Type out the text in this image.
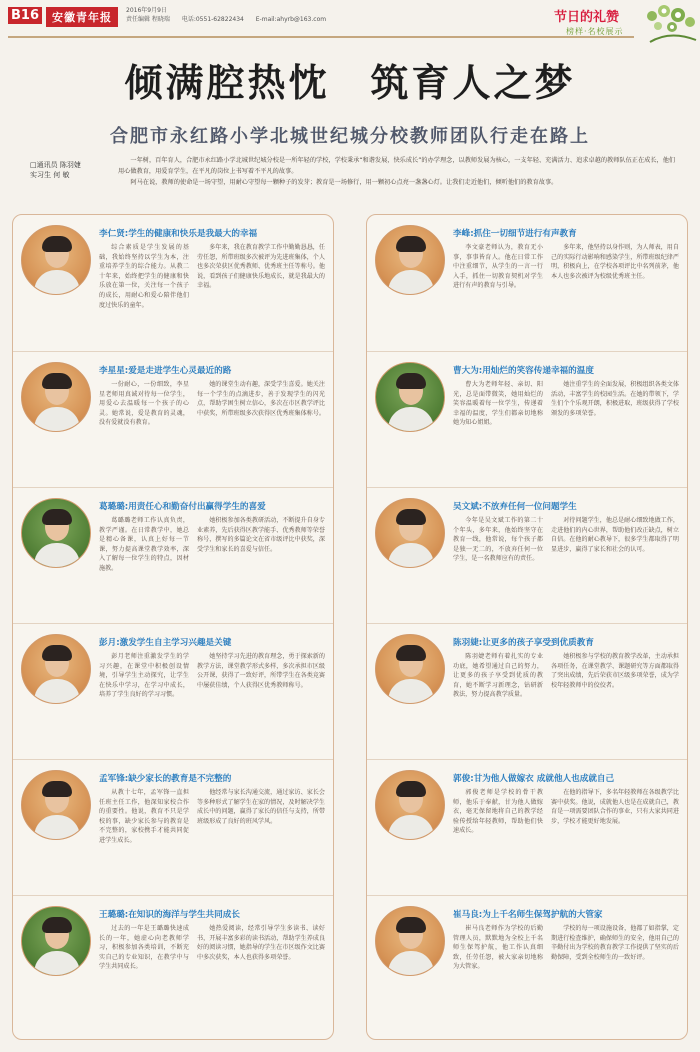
B16	安徽青年报
2016年9月9日
责任编辑 程晓瑞 电话:0551-62822434 E-mail:ahyrb@163.com	节日的礼赞
榜样·名校展示
倾满腔热忱　筑育人之梦
合肥市永红路小学北城世纪城分校教师团队行走在路上
□通讯员 陈羽婕
实习生 何 敏

一年树，百年育人，合肥市永红路小学北城世纪城分校是一所年轻的学校，学校秉承“和谐发展，快乐成长”的办学理念，以教师发展为核心，一支年轻、充满活力、追求卓越的教师队伍正在成长，他们用心做教育，用爱育学生，在平凡的岗位上书写着不平凡的故事。

阿马在说，教师的使命是一场守望，用耐心守望每一颗种子的发芽；教育是一场修行，用一颗初心点亮一盏盏心灯。让我们走近他们，倾听他们的教育故事。

李仁贤:学生的健康和快乐是我最大的幸福
综合素质是学生发展的基础，我始终坚持以学生为本，注重培养学生的综合能力。从教二十年来，始终把学生的健康和快乐放在第一位，关注每一个孩子的成长，用耐心和爱心陪伴他们度过快乐的童年。
多年来，我在教育教学工作中勤勤恳恳，任劳任怨，所带班级多次被评为先进班集体，个人也多次荣获区优秀教师、优秀班主任等称号。他说，看到孩子们健康快乐地成长，就是我最大的幸福。
李星星:爱是走进学生心灵最近的路
一份耐心，一份细致，李星星老师用真诚对待每一位学生，用爱心去温暖每一个孩子的心灵。她常说，爱是教育的灵魂，没有爱就没有教育。
她的课堂生动有趣，深受学生喜爱。她关注每一个学生的点滴进步，善于发现学生的闪光点，帮助学困生树立信心，多次在市区教学评比中获奖，所带班级多次获得区优秀班集体称号。
葛璐璐:用责任心和勤奋付出赢得学生的喜爱
葛璐璐老师工作认真负责，教学严谨。在日常教学中，她总是精心备课，认真上好每一节课，努力提高课堂教学效率，深入了解每一位学生的特点，因材施教。
她积极参加各类教研活动，不断提升自身专业素养，先后获得区教学能手、优秀教师等荣誉称号，撰写的多篇论文在省市级评比中获奖，深受学生和家长的喜爱与信任。
彭月:激发学生自主学习兴趣是关键
彭月老师注重激发学生的学习兴趣，在课堂中积极创设情境，引导学生主动探究，让学生在快乐中学习，在学习中成长，培养了学生良好的学习习惯。
她坚持学习先进的教育理念，勇于探索新的教学方法，课堂教学形式多样，多次承担市区级公开课，获得了一致好评，所带学生在各类竞赛中屡获佳绩，个人获得区优秀教师称号。
孟军锋:缺少家长的教育是不完整的
从教十七年，孟军锋一直担任班主任工作，他深知家校合作的重要性。他说，教育不只是学校的事，缺少家长参与的教育是不完整的，家校携手才能共同促进学生成长。
他经常与家长沟通交流，通过家访、家长会等多种形式了解学生在家的情况，及时解决学生成长中的问题，赢得了家长的信任与支持，所带班级形成了良好的班风学风。
王璐璐:在知识的海洋与学生共同成长
过去的一年是王璐璐快速成长的一年，她虚心向老教师学习，积极参加各类培训，不断充实自己的专业知识，在教学中与学生共同成长。
她热爱阅读，经常引导学生多读书、读好书，开展丰富多彩的读书活动，帮助学生养成良好的阅读习惯，她指导的学生在市区级作文比赛中多次获奖，本人也获得多项荣誉。
李峰:抓住一切细节进行有声教育
李文豪老师认为，教育无小事，事事皆育人。他在日常工作中注重细节，从学生的一言一行入手，抓住一切教育契机对学生进行有声的教育与引导。
多年来，他坚持以身作则，为人师表，用自己的实际行动影响和感染学生，所带班级纪律严明，积极向上，在学校各项评比中名列前茅，他本人也多次被评为校级优秀班主任。
曹大为:用灿烂的笑容传递幸福的温度
曹大为老师年轻、亲切、阳光，总是面带微笑，她用灿烂的笑容温暖着每一位学生，传递着幸福的温度，学生们都亲切地称她为知心姐姐。
她注重学生的全面发展，积极组织各类文体活动，丰富学生的校园生活。在她的带领下，学生们个个乐观开朗，积极进取，班级获得了学校颁发的多项荣誉。
吴文斌:不放弃任何一位问题学生
今年是吴文斌工作的第二十个年头，多年来，他始终坚守在教育一线，他常说，每个孩子都是独一无二的，不放弃任何一位学生，是一名教师应有的责任。
对待问题学生，他总是耐心细致地做工作，走进他们的内心世界，帮助他们改正缺点，树立自信。在他的耐心教导下，很多学生都取得了明显进步，赢得了家长和社会的认可。
陈羽婕:让更多的孩子享受到优质教育
陈羽婕老师有着扎实的专业功底，她希望通过自己的努力，让更多的孩子享受到优质的教育，她不断学习新理念，钻研新教法，努力提高教学质量。
她积极参与学校的教育教学改革，主动承担各项任务，在课堂教学、课题研究等方面都取得了突出成绩，先后荣获市区级多项荣誉，成为学校年轻教师中的佼佼者。
郭俊:甘为他人做嫁衣 成就他人也成就自己
郭俊老师是学校的骨干教师，他乐于奉献，甘为他人做嫁衣，毫无保留地将自己的教学经验传授给年轻教师，帮助他们快速成长。
在他的指导下，多名年轻教师在各级教学比赛中获奖。他说，成就他人也是在成就自己，教育是一项需要团队合作的事业，只有大家共同进步，学校才能更好地发展。
崔马良:为上千名师生保驾护航的大管家
崔马良老师作为学校的后勤管理人员，默默地为全校上千名师生保驾护航，他工作认真细致，任劳任怨，被大家亲切地称为大管家。
学校的每一项设施设备，他都了如指掌，定期进行检查维护，确保师生的安全，他用自己的辛勤付出为学校的教育教学工作提供了坚实的后勤保障，受到全校师生的一致好评。
